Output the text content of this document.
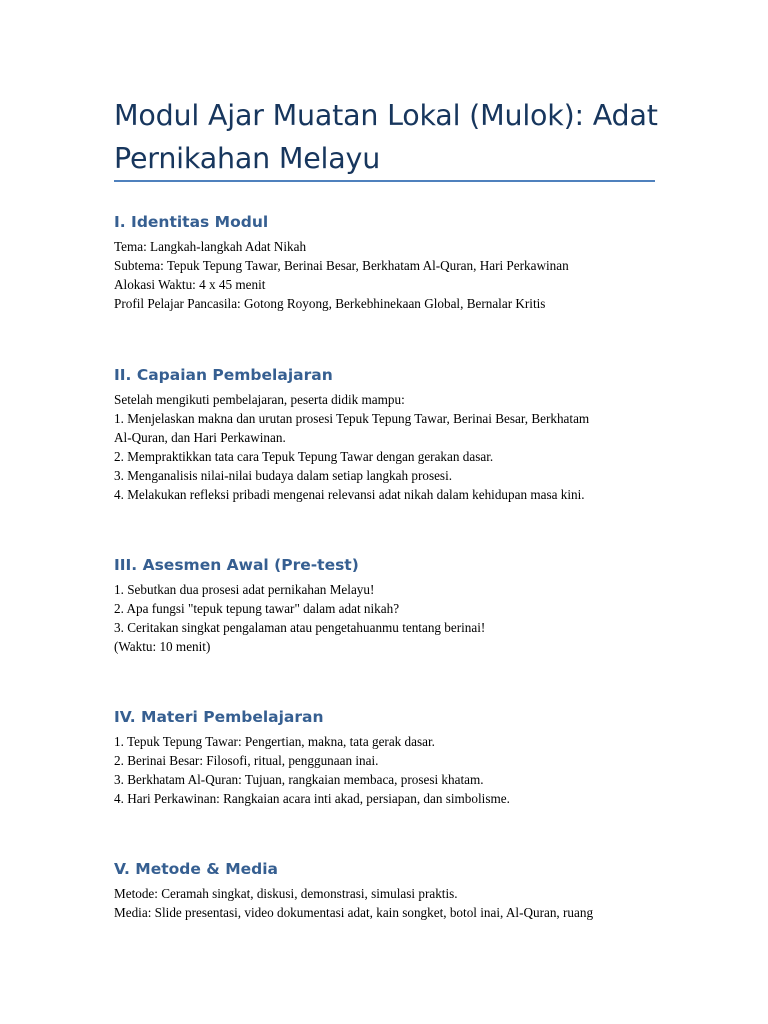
Modul Ajar Muatan Lokal (Mulok): Adat
Pernikahan Melayu
I. Identitas Modul
Tema: Langkah-langkah Adat Nikah
Subtema: Tepuk Tepung Tawar, Berinai Besar, Berkhatam Al-Quran, Hari Perkawinan
Alokasi Waktu: 4 x 45 menit
Profil Pelajar Pancasila: Gotong Royong, Berkebhinekaan Global, Bernalar Kritis
II. Capaian Pembelajaran
Setelah mengikuti pembelajaran, peserta didik mampu:
1. Menjelaskan makna dan urutan prosesi Tepuk Tepung Tawar, Berinai Besar, Berkhatam
Al-Quran, dan Hari Perkawinan.
2. Mempraktikkan tata cara Tepuk Tepung Tawar dengan gerakan dasar.
3. Menganalisis nilai-nilai budaya dalam setiap langkah prosesi.
4. Melakukan refleksi pribadi mengenai relevansi adat nikah dalam kehidupan masa kini.
III. Asesmen Awal (Pre-test)
1. Sebutkan dua prosesi adat pernikahan Melayu!
2. Apa fungsi "tepuk tepung tawar" dalam adat nikah?
3. Ceritakan singkat pengalaman atau pengetahuanmu tentang berinai!
(Waktu: 10 menit)
IV. Materi Pembelajaran
1. Tepuk Tepung Tawar: Pengertian, makna, tata gerak dasar.
2. Berinai Besar: Filosofi, ritual, penggunaan inai.
3. Berkhatam Al-Quran: Tujuan, rangkaian membaca, prosesi khatam.
4. Hari Perkawinan: Rangkaian acara inti akad, persiapan, dan simbolisme.
V. Metode & Media
Metode: Ceramah singkat, diskusi, demonstrasi, simulasi praktis.
Media: Slide presentasi, video dokumentasi adat, kain songket, botol inai, Al-Quran, ruang
